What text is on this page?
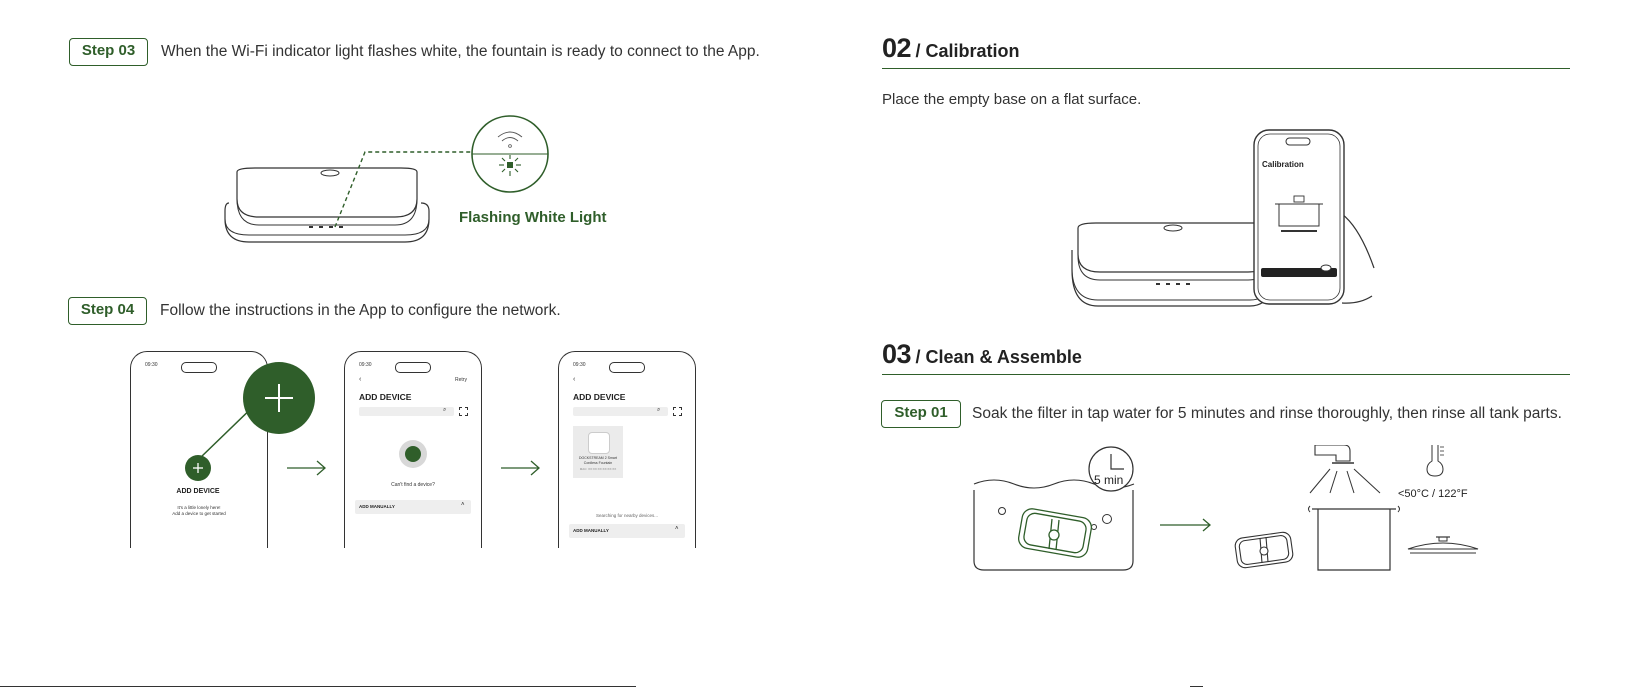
Step 03	When the Wi-Fi indicator light flashes white, the fountain is ready to connect to the App.
Flashing White Light
Step 04	Follow the instructions in the App to configure the network.
09:30
ADD DEVICE
It's a little lonely here!
Add a device to get started
09:30
‹	Retry
ADD DEVICE
⌕
Can't find a device?
ADD MANUALLY	˄
09:30
‹
ADD DEVICE
⌕
DOCKSTREAM 2 Smart
Cordless Fountain
MAC: XX:XX:XX:XX:XX:XX
Searching for nearby devices...
ADD MANUALLY	˄
02 / Calibration
Place the empty base on a flat surface.
Calibration
Confirm
03 / Clean & Assemble
Step 01	Soak the filter in tap water for 5 minutes and rinse thoroughly, then rinse all tank parts.
5 min
<50°C / 122°F
